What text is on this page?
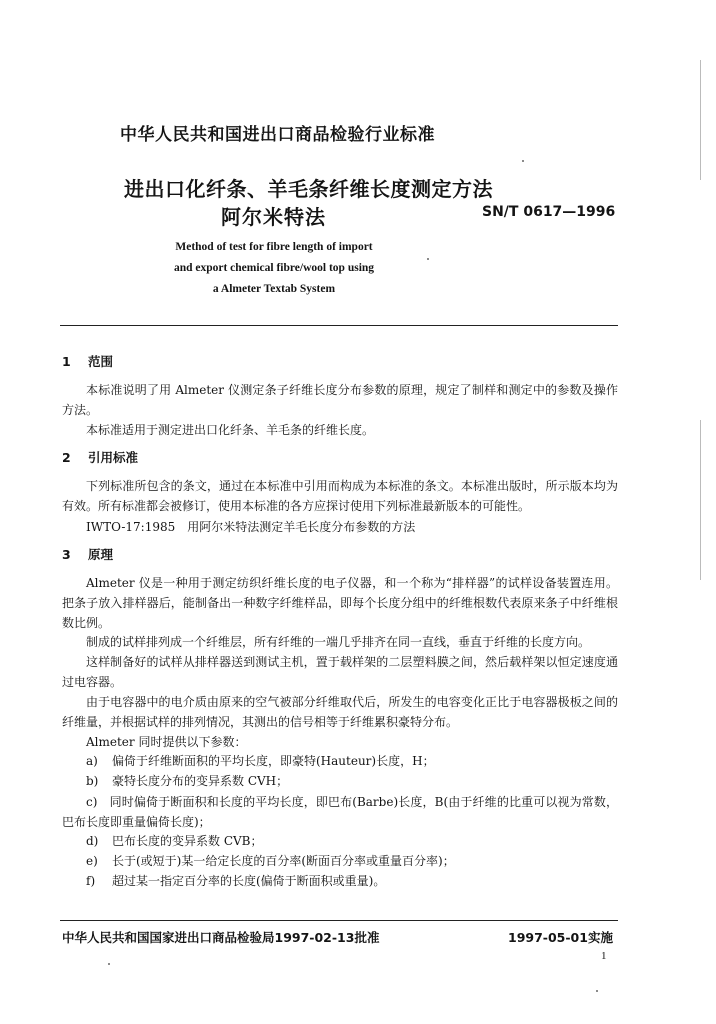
中华人民共和国进出口商品检验行业标准
进出口化纤条、羊毛条纤维长度测定方法
阿尔米特法	SN/T 0617—1996
Method of test for fibre length of import
and export chemical fibre/wool top using
a Almeter Textab System
1 范围
本标准说明了用 Almeter 仪测定条子纤维长度分布参数的原理，规定了制样和测定中的参数及操作方法。
本标准适用于测定进出口化纤条、羊毛条的纤维长度。
2 引用标准
下列标准所包含的条文，通过在本标准中引用而构成为本标准的条文。本标准出版时，所示版本均为有效。所有标准都会被修订，使用本标准的各方应探讨使用下列标准最新版本的可能性。
IWTO-17:1985　用阿尔米特法测定羊毛长度分布参数的方法
3 原理
Almeter 仪是一种用于测定纺织纤维长度的电子仪器，和一个称为“排样器”的试样设备装置连用。把条子放入排样器后，能制备出一种数字纤维样品，即每个长度分组中的纤维根数代表原来条子中纤维根数比例。
制成的试样排列成一个纤维层，所有纤维的一端几乎排齐在同一直线，垂直于纤维的长度方向。
这样制备好的试样从排样器送到测试主机，置于载样架的二层塑料膜之间，然后载样架以恒定速度通过电容器。
由于电容器中的电介质由原来的空气被部分纤维取代后，所发生的电容变化正比于电容器极板之间的纤维量，并根据试样的排列情况，其测出的信号相等于纤维累积豪特分布。
Almeter 同时提供以下参数：
a) 偏倚于纤维断面积的平均长度，即豪特(Hauteur)长度，H；
b) 豪特长度分布的变异系数 CVH；
c)　 同时偏倚于断面积和长度的平均长度，即巴布(Barbe)长度，B(由于纤维的比重可以视为常数，巴布长度即重量偏倚长度)；
d) 巴布长度的变异系数 CVB；
e) 长于(或短于)某一给定长度的百分率(断面百分率或重量百分率)；
f) 超过某一指定百分率的长度(偏倚于断面积或重量)。
中华人民共和国国家进出口商品检验局1997-02-13批准	1997-05-01实施
1
